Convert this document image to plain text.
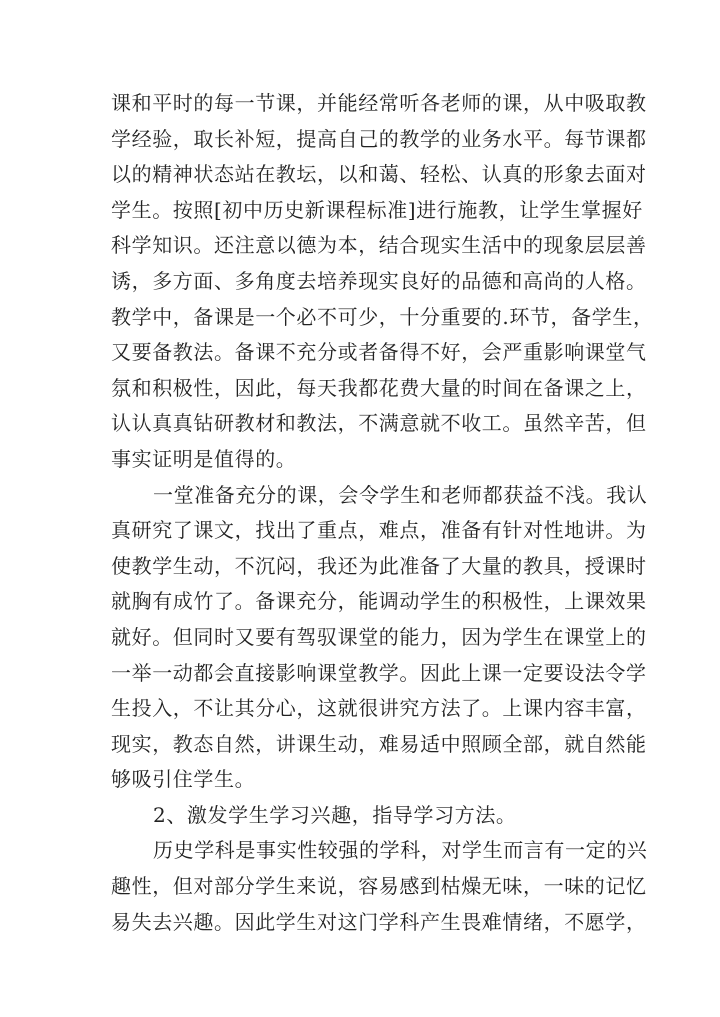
课和平时的每一节课，并能经常听各老师的课，从中吸取教
学经验，取长补短，提高自己的教学的业务水平。每节课都
以的精神状态站在教坛，以和蔼、轻松、认真的形象去面对
学生。按照[初中历史新课程标准]进行施教，让学生掌握好
科学知识。还注意以德为本，结合现实生活中的现象层层善
诱，多方面、多角度去培养现实良好的品德和高尚的人格。
教学中，备课是一个必不可少，十分重要的.环节，备学生，
又要备教法。备课不充分或者备得不好，会严重影响课堂气
氛和积极性，因此，每天我都花费大量的时间在备课之上，
认认真真钻研教材和教法，不满意就不收工。虽然辛苦，但
事实证明是值得的。
一堂准备充分的课，会令学生和老师都获益不浅。我认
真研究了课文，找出了重点，难点，准备有针对性地讲。为
使教学生动，不沉闷，我还为此准备了大量的教具，授课时
就胸有成竹了。备课充分，能调动学生的积极性，上课效果
就好。但同时又要有驾驭课堂的能力，因为学生在课堂上的
一举一动都会直接影响课堂教学。因此上课一定要设法令学
生投入，不让其分心，这就很讲究方法了。上课内容丰富，
现实，教态自然，讲课生动，难易适中照顾全部，就自然能
够吸引住学生。
2、激发学生学习兴趣，指导学习方法。
历史学科是事实性较强的学科，对学生而言有一定的兴
趣性，但对部分学生来说，容易感到枯燥无味，一味的记忆
易失去兴趣。因此学生对这门学科产生畏难情绪，不愿学，
